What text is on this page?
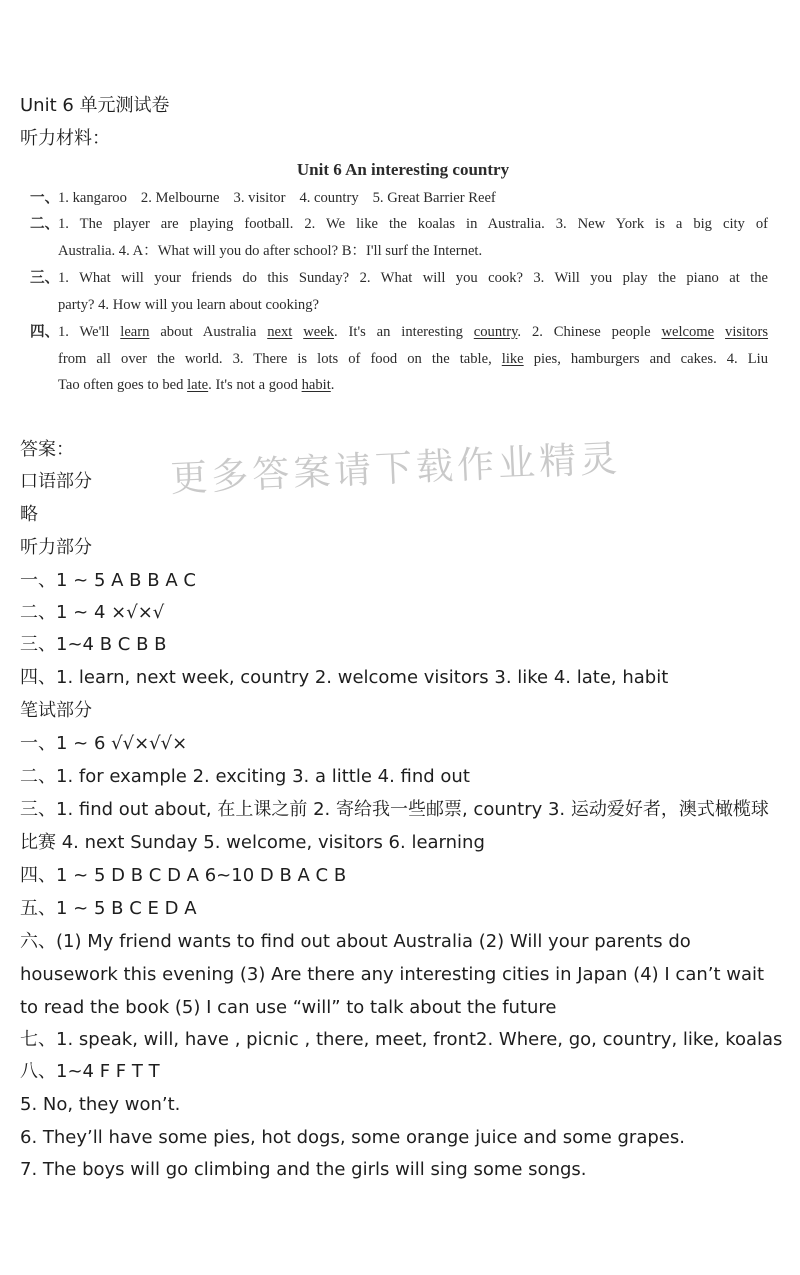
Unit 6 单元测试卷
听力材料：
Unit 6 An interesting country
一、
1. kangaroo 2. Melbourne 3. visitor 4. country 5. Great Barrier Reef
二、
1. The player are playing football. 2. We like the koalas in Australia. 3. New York is a big city of
Australia. 4. A：What will you do after school? B：I'll surf the Internet.
三、
1. What will your friends do this Sunday? 2. What will you cook? 3. Will you play the piano at the
party? 4. How will you learn about cooking?
四、
1. We'll learn about Australia next week. It's an interesting country. 2. Chinese people welcome visitors
from all over the world. 3. There is lots of food on the table, like pies, hamburgers and cakes. 4. Liu
Tao often goes to bed late. It's not a good habit.
更多答案请下载作业精灵
答案：
口语部分
略
听力部分
一、1 ~ 5 A B B A C
二、1 ~ 4 ×√×√
三、1~4 B C B B
四、1. learn, next week, country 2. welcome visitors 3. like 4. late, habit
笔试部分
一、1 ~ 6 √√×√√×
二、1. for example 2. exciting 3. a little 4. find out
三、1. find out about, 在上课之前 2. 寄给我一些邮票, country 3. 运动爱好者，澳式橄榄球比赛 4. next Sunday 5. welcome, visitors 6. learning
四、1 ~ 5 D B C D A 6~10 D B A C B
五、1 ~ 5 B C E D A
六、(1) My friend wants to find out about Australia (2) Will your parents do housework this evening (3) Are there any interesting cities in Japan (4) I can’t wait to read the book (5) I can use “will” to talk about the future
七、1. speak, will, have , picnic , there, meet, front2. Where, go, country, like, koalas
八、1~4 F F T T
5. No, they won’t.
6. They’ll have some pies, hot dogs, some orange juice and some grapes.
7. The boys will go climbing and the girls will sing some songs.
